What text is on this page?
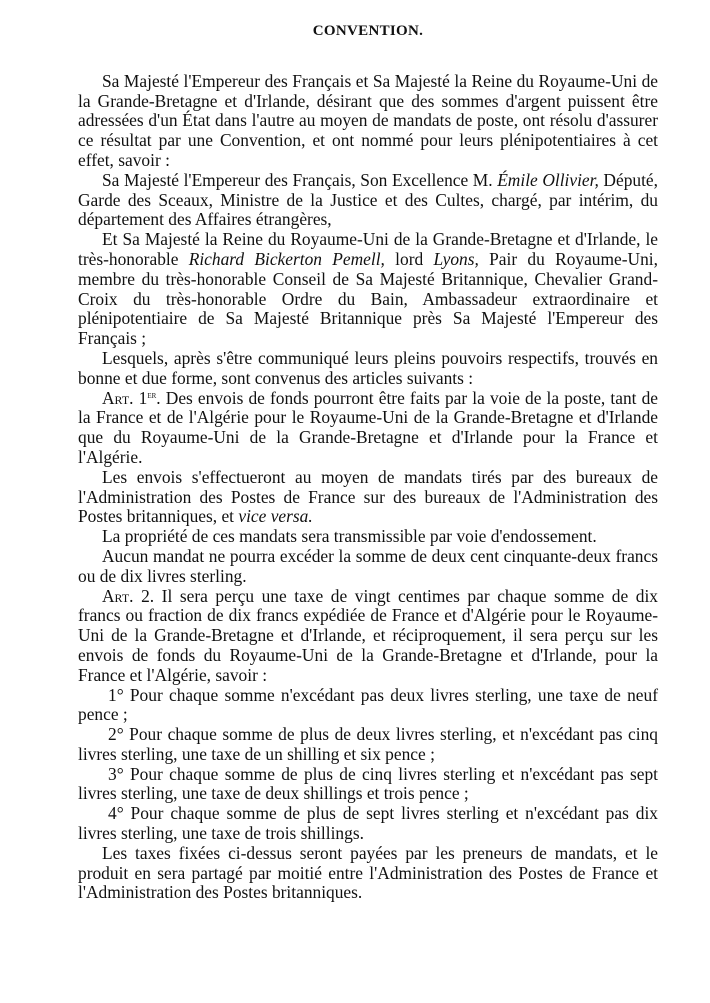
CONVENTION.

Sa Majesté l'Empereur des Français et Sa Majesté la Reine du Royaume-Uni de la Grande-Bretagne et d'Irlande, désirant que des sommes d'argent puissent être adressées d'un État dans l'autre au moyen de mandats de poste, ont résolu d'assurer ce résultat par une Convention, et ont nommé pour leurs plénipotentiaires à cet effet, savoir :

Sa Majesté l'Empereur des Français, Son Excellence M. Émile Ollivier, Député, Garde des Sceaux, Ministre de la Justice et des Cultes, chargé, par intérim, du département des Affaires étrangères,

Et Sa Majesté la Reine du Royaume-Uni de la Grande-Bretagne et d'Irlande, le très-honorable Richard Bickerton Pemell, lord Lyons, Pair du Royaume-Uni, membre du très-honorable Conseil de Sa Majesté Britannique, Chevalier Grand-Croix du très-honorable Ordre du Bain, Ambassadeur extraordinaire et plénipotentiaire de Sa Majesté Britannique près Sa Majesté l'Empereur des Français ;

Lesquels, après s'être communiqué leurs pleins pouvoirs respectifs, trouvés en bonne et due forme, sont convenus des articles suivants :

Art. 1er. Des envois de fonds pourront être faits par la voie de la poste, tant de la France et de l'Algérie pour le Royaume-Uni de la Grande-Bretagne et d'Irlande que du Royaume-Uni de la Grande-Bretagne et d'Irlande pour la France et l'Algérie.

Les envois s'effectueront au moyen de mandats tirés par des bureaux de l'Administration des Postes de France sur des bureaux de l'Administration des Postes britanniques, et vice versa.

La propriété de ces mandats sera transmissible par voie d'endossement.

Aucun mandat ne pourra excéder la somme de deux cent cinquante-deux francs ou de dix livres sterling.

Art. 2. Il sera perçu une taxe de vingt centimes par chaque somme de dix francs ou fraction de dix francs expédiée de France et d'Algérie pour le Royaume-Uni de la Grande-Bretagne et d'Irlande, et réciproquement, il sera perçu sur les envois de fonds du Royaume-Uni de la Grande-Bretagne et d'Irlande, pour la France et l'Algérie, savoir :

1° Pour chaque somme n'excédant pas deux livres sterling, une taxe de neuf pence ;

2° Pour chaque somme de plus de deux livres sterling, et n'excédant pas cinq livres sterling, une taxe de un shilling et six pence ;

3° Pour chaque somme de plus de cinq livres sterling et n'excédant pas sept livres sterling, une taxe de deux shillings et trois pence ;

4° Pour chaque somme de plus de sept livres sterling et n'excédant pas dix livres sterling, une taxe de trois shillings.

Les taxes fixées ci-dessus seront payées par les preneurs de mandats, et le produit en sera partagé par moitié entre l'Administration des Postes de France et l'Administration des Postes britanniques.
